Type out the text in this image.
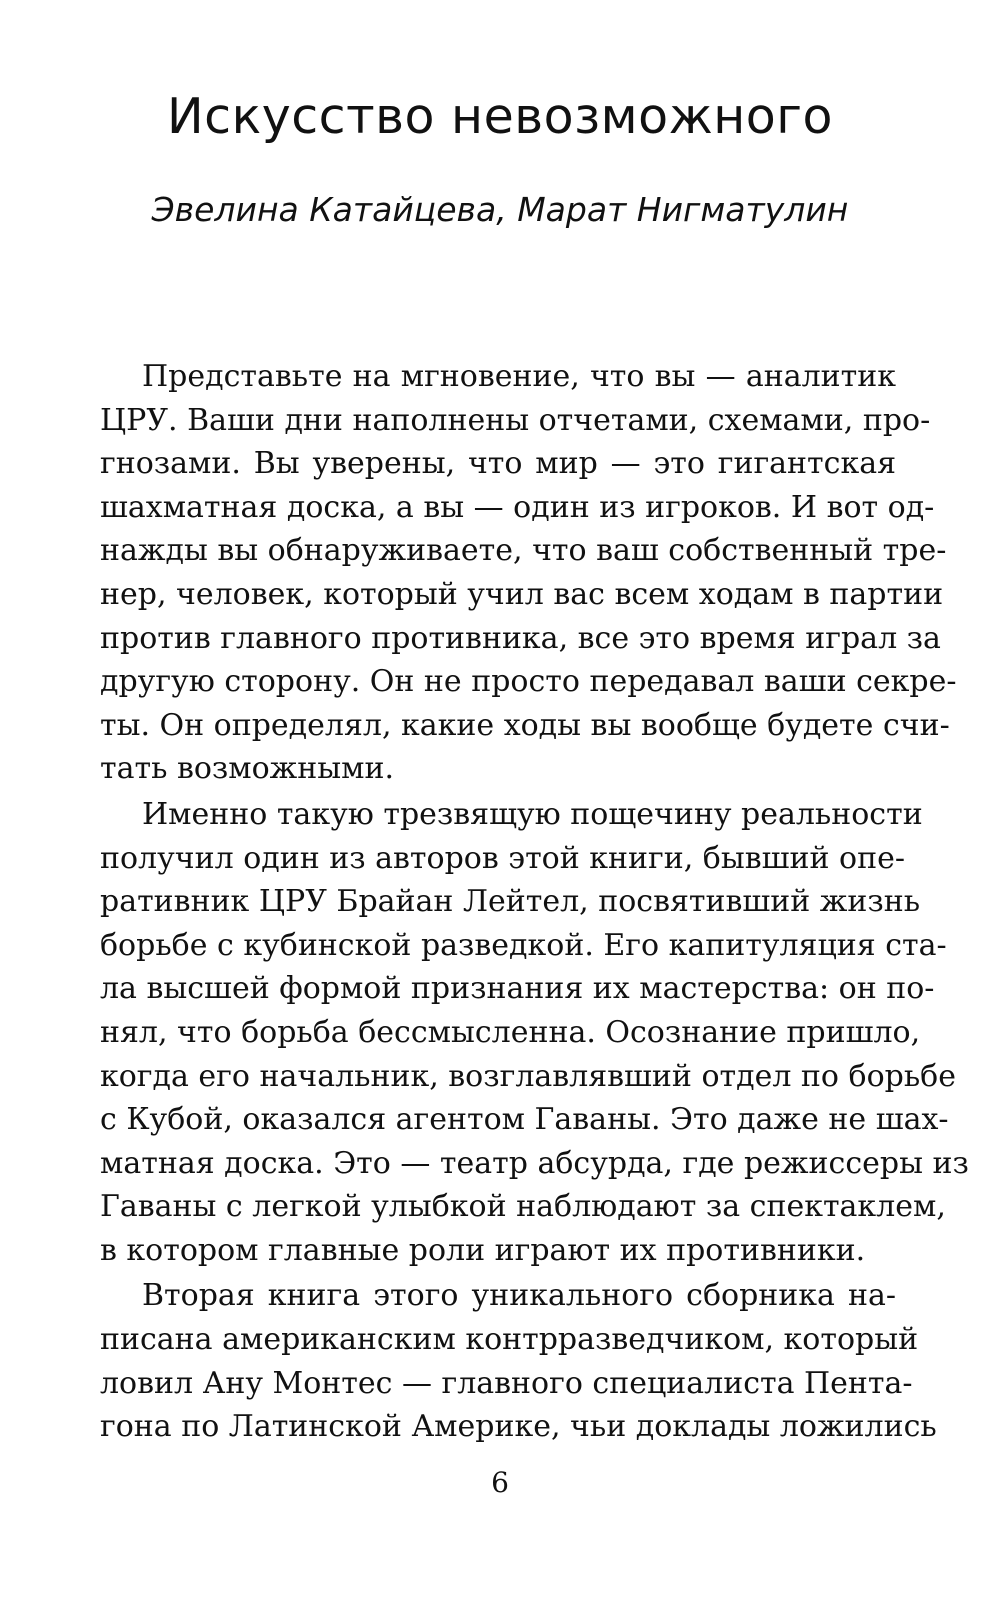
Искусство невозможного
Эвелина Катайцева, Марат Нигматулин

Представьте на мгновение, что вы — аналитик
ЦРУ. Ваши дни наполнены отчетами, схемами, про-
гнозами. Вы уверены, что мир — это гигантская
шахматная доска, а вы — один из игроков. И вот од-
нажды вы обнаруживаете, что ваш собственный тре-
нер, человек, который учил вас всем ходам в партии
против главного противника, все это время играл за
другую сторону. Он не просто передавал ваши секре-
ты. Он определял, какие ходы вы вообще будете счи-
тать возможными.

Именно такую трезвящую пощечину реальности
получил один из авторов этой книги, бывший опе-
ративник ЦРУ Брайан Лейтел, посвятивший жизнь
борьбе с кубинской разведкой. Его капитуляция ста-
ла высшей формой признания их мастерства: он по-
нял, что борьба бессмысленна. Осознание пришло,
когда его начальник, возглавлявший отдел по борьбе
с Кубой, оказался агентом Гаваны. Это даже не шах-
матная доска. Это — театр абсурда, где режиссеры из
Гаваны с легкой улыбкой наблюдают за спектаклем,
в котором главные роли играют их противники.

Вторая книга этого уникального сборника на-
писана американским контрразведчиком, который
ловил Ану Монтес — главного специалиста Пента-
гона по Латинской Америке, чьи доклады ложились

6
